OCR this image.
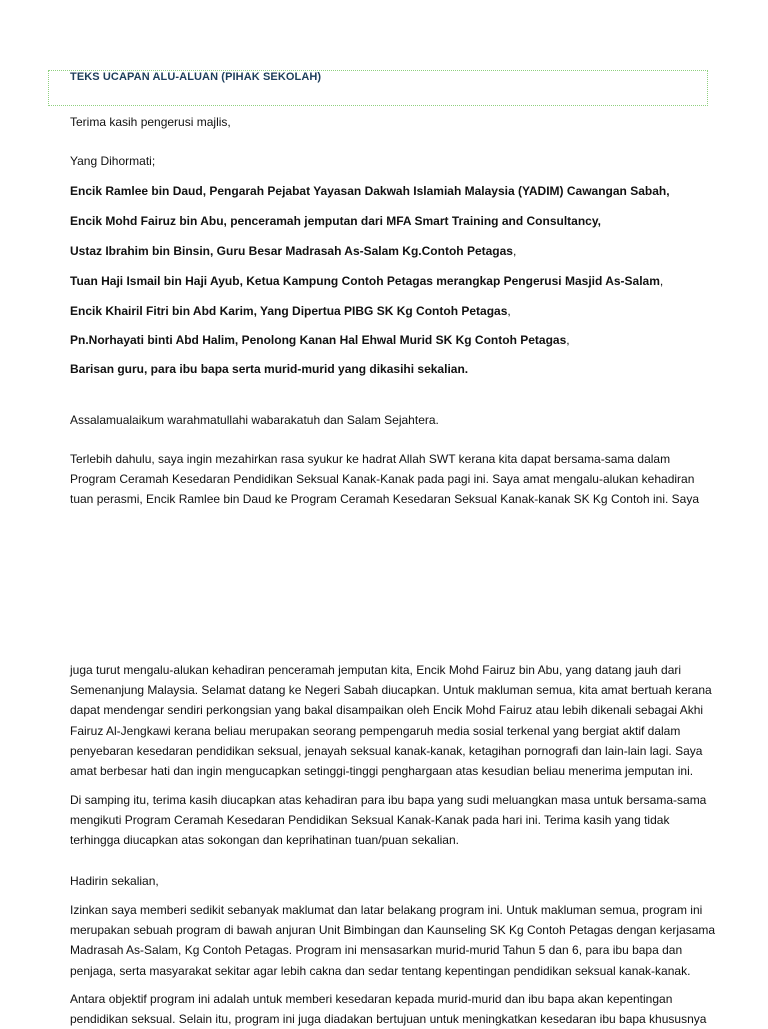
TEKS UCAPAN ALU-ALUAN (PIHAK SEKOLAH)
Terima kasih pengerusi majlis,
Yang Dihormati;
Encik Ramlee bin Daud, Pengarah Pejabat Yayasan Dakwah Islamiah Malaysia (YADIM) Cawangan Sabah,
Encik Mohd Fairuz bin Abu, penceramah jemputan dari MFA Smart Training and Consultancy,
Ustaz Ibrahim bin Binsin, Guru Besar Madrasah As-Salam Kg.Contoh Petagas,
Tuan Haji Ismail bin Haji Ayub, Ketua Kampung Contoh Petagas merangkap Pengerusi Masjid As-Salam,
Encik Khairil Fitri bin Abd Karim, Yang Dipertua PIBG SK Kg Contoh Petagas,
Pn.Norhayati binti Abd Halim, Penolong Kanan Hal Ehwal Murid SK Kg Contoh Petagas,
Barisan guru, para ibu bapa serta murid-murid yang dikasihi sekalian.
Assalamualaikum warahmatullahi wabarakatuh dan Salam Sejahtera.
Terlebih dahulu, saya ingin mezahirkan rasa syukur ke hadrat Allah SWT kerana kita dapat bersama-sama dalam
Program Ceramah Kesedaran Pendidikan Seksual Kanak-Kanak pada pagi ini. Saya amat mengalu-alukan kehadiran
tuan perasmi, Encik Ramlee bin Daud ke Program Ceramah Kesedaran Seksual Kanak-kanak SK Kg Contoh ini. Saya
juga turut mengalu-alukan kehadiran penceramah jemputan kita, Encik Mohd Fairuz bin Abu, yang datang jauh dari
Semenanjung Malaysia. Selamat datang ke Negeri Sabah diucapkan. Untuk makluman semua, kita amat bertuah kerana
dapat mendengar sendiri perkongsian yang bakal disampaikan oleh Encik Mohd Fairuz atau lebih dikenali sebagai Akhi
Fairuz Al-Jengkawi kerana beliau merupakan seorang pempengaruh media sosial terkenal yang bergiat aktif dalam
penyebaran kesedaran pendidikan seksual, jenayah seksual kanak-kanak, ketagihan pornografi dan lain-lain lagi. Saya
amat berbesar hati dan ingin mengucapkan setinggi-tinggi penghargaan atas kesudian beliau menerima jemputan ini.
Di samping itu, terima kasih diucapkan atas kehadiran para ibu bapa yang sudi meluangkan masa untuk bersama-sama
mengikuti Program Ceramah Kesedaran Pendidikan Seksual Kanak-Kanak pada hari ini. Terima kasih yang tidak
terhingga diucapkan atas sokongan dan keprihatinan tuan/puan sekalian.
Hadirin sekalian,
Izinkan saya memberi sedikit sebanyak maklumat dan latar belakang program ini. Untuk makluman semua, program ini
merupakan sebuah program di bawah anjuran Unit Bimbingan dan Kaunseling SK Kg Contoh Petagas dengan kerjasama
Madrasah As-Salam, Kg Contoh Petagas. Program ini mensasarkan murid-murid Tahun 5 dan 6, para ibu bapa dan
penjaga, serta masyarakat sekitar agar lebih cakna dan sedar tentang kepentingan pendidikan seksual kanak-kanak.
Antara objektif program ini adalah untuk memberi kesedaran kepada murid-murid dan ibu bapa akan kepentingan
pendidikan seksual. Selain itu, program ini juga diadakan bertujuan untuk meningkatkan kesedaran ibu bapa khususnya
